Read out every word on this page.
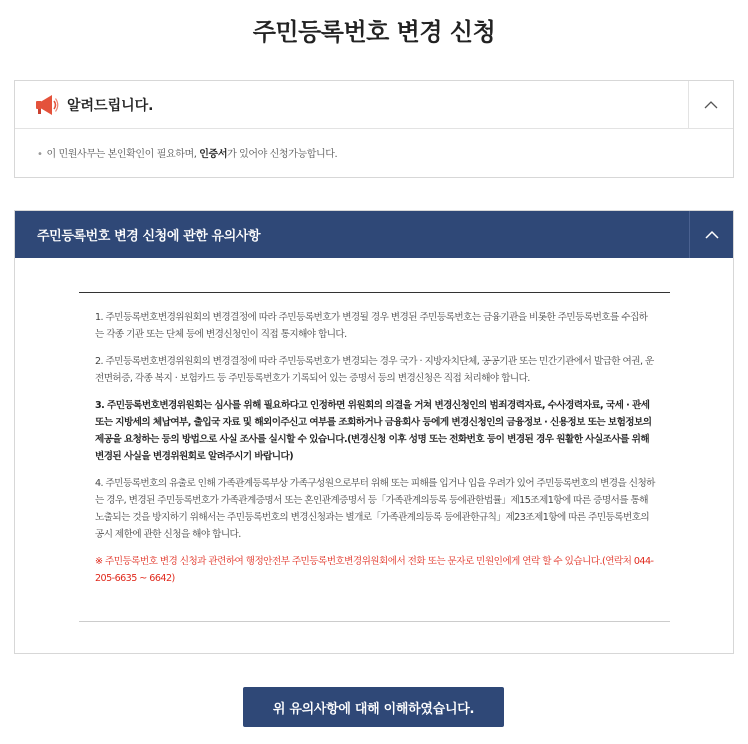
주민등록번호 변경 신청
알려드립니다.

• 이 민원사무는 본인확인이 필요하며, 인증서가 있어야 신청가능합니다.

주민등록번호 변경 신청에 관한 유의사항

1. 주민등록번호변경위원회의 변경결정에 따라 주민등록번호가 변경될 경우 변경된 주민등록번호는 금융기관을 비롯한 주민등록번호를 수집하는 각종 기관 또는 단체 등에 변경신청인이 직접 통지해야 합니다.

2. 주민등록번호변경위원회의 변경결정에 따라 주민등록번호가 변경되는 경우 국가 · 지방자치단체, 공공기관 또는 민간기관에서 발급한 여권, 운전면허증, 각종 복지 · 보험카드 등 주민등록번호가 기록되어 있는 증명서 등의 변경신청은 직접 처리해야 합니다.

3. 주민등록번호변경위원회는 심사를 위해 필요하다고 인정하면 위원회의 의결을 거쳐 변경신청인의 범죄경력자료, 수사경력자료, 국세 · 관세 또는 지방세의 체납여부, 출입국 자료 및 해외이주신고 여부를 조회하거나 금융회사 등에게 변경신청인의 금융정보 · 신용정보 또는 보험정보의 제공을 요청하는 등의 방법으로 사실 조사를 실시할 수 있습니다.(변경신청 이후 성명 또는 전화번호 등이 변경된 경우 원활한 사실조사를 위해 변경된 사실을 변경위원회로 알려주시기 바랍니다)

4. 주민등록번호의 유출로 인해 가족관계등록부상 가족구성원으로부터 위해 또는 피해를 입거나 입을 우려가 있어 주민등록번호의 변경을 신청하는 경우, 변경된 주민등록번호가 가족관계증명서 또는 혼인관계증명서 등「가족관계의등록 등에관한법률」제15조제1항에 따른 증명서를 통해 노출되는 것을 방지하기 위해서는 주민등록번호의 변경신청과는 별개로「가족관계의등록 등에관한규칙」제23조제1항에 따른 주민등록번호의 공시 제한에 관한 신청을 해야 합니다.

※ 주민등록번호 변경 신청과 관련하여 행정안전부 주민등록번호변경위원회에서 전화 또는 문자로 민원인에게 연락 할 수 있습니다.(연락처 044-205-6635 ~ 6642)

위 유의사항에 대해 이해하였습니다.
